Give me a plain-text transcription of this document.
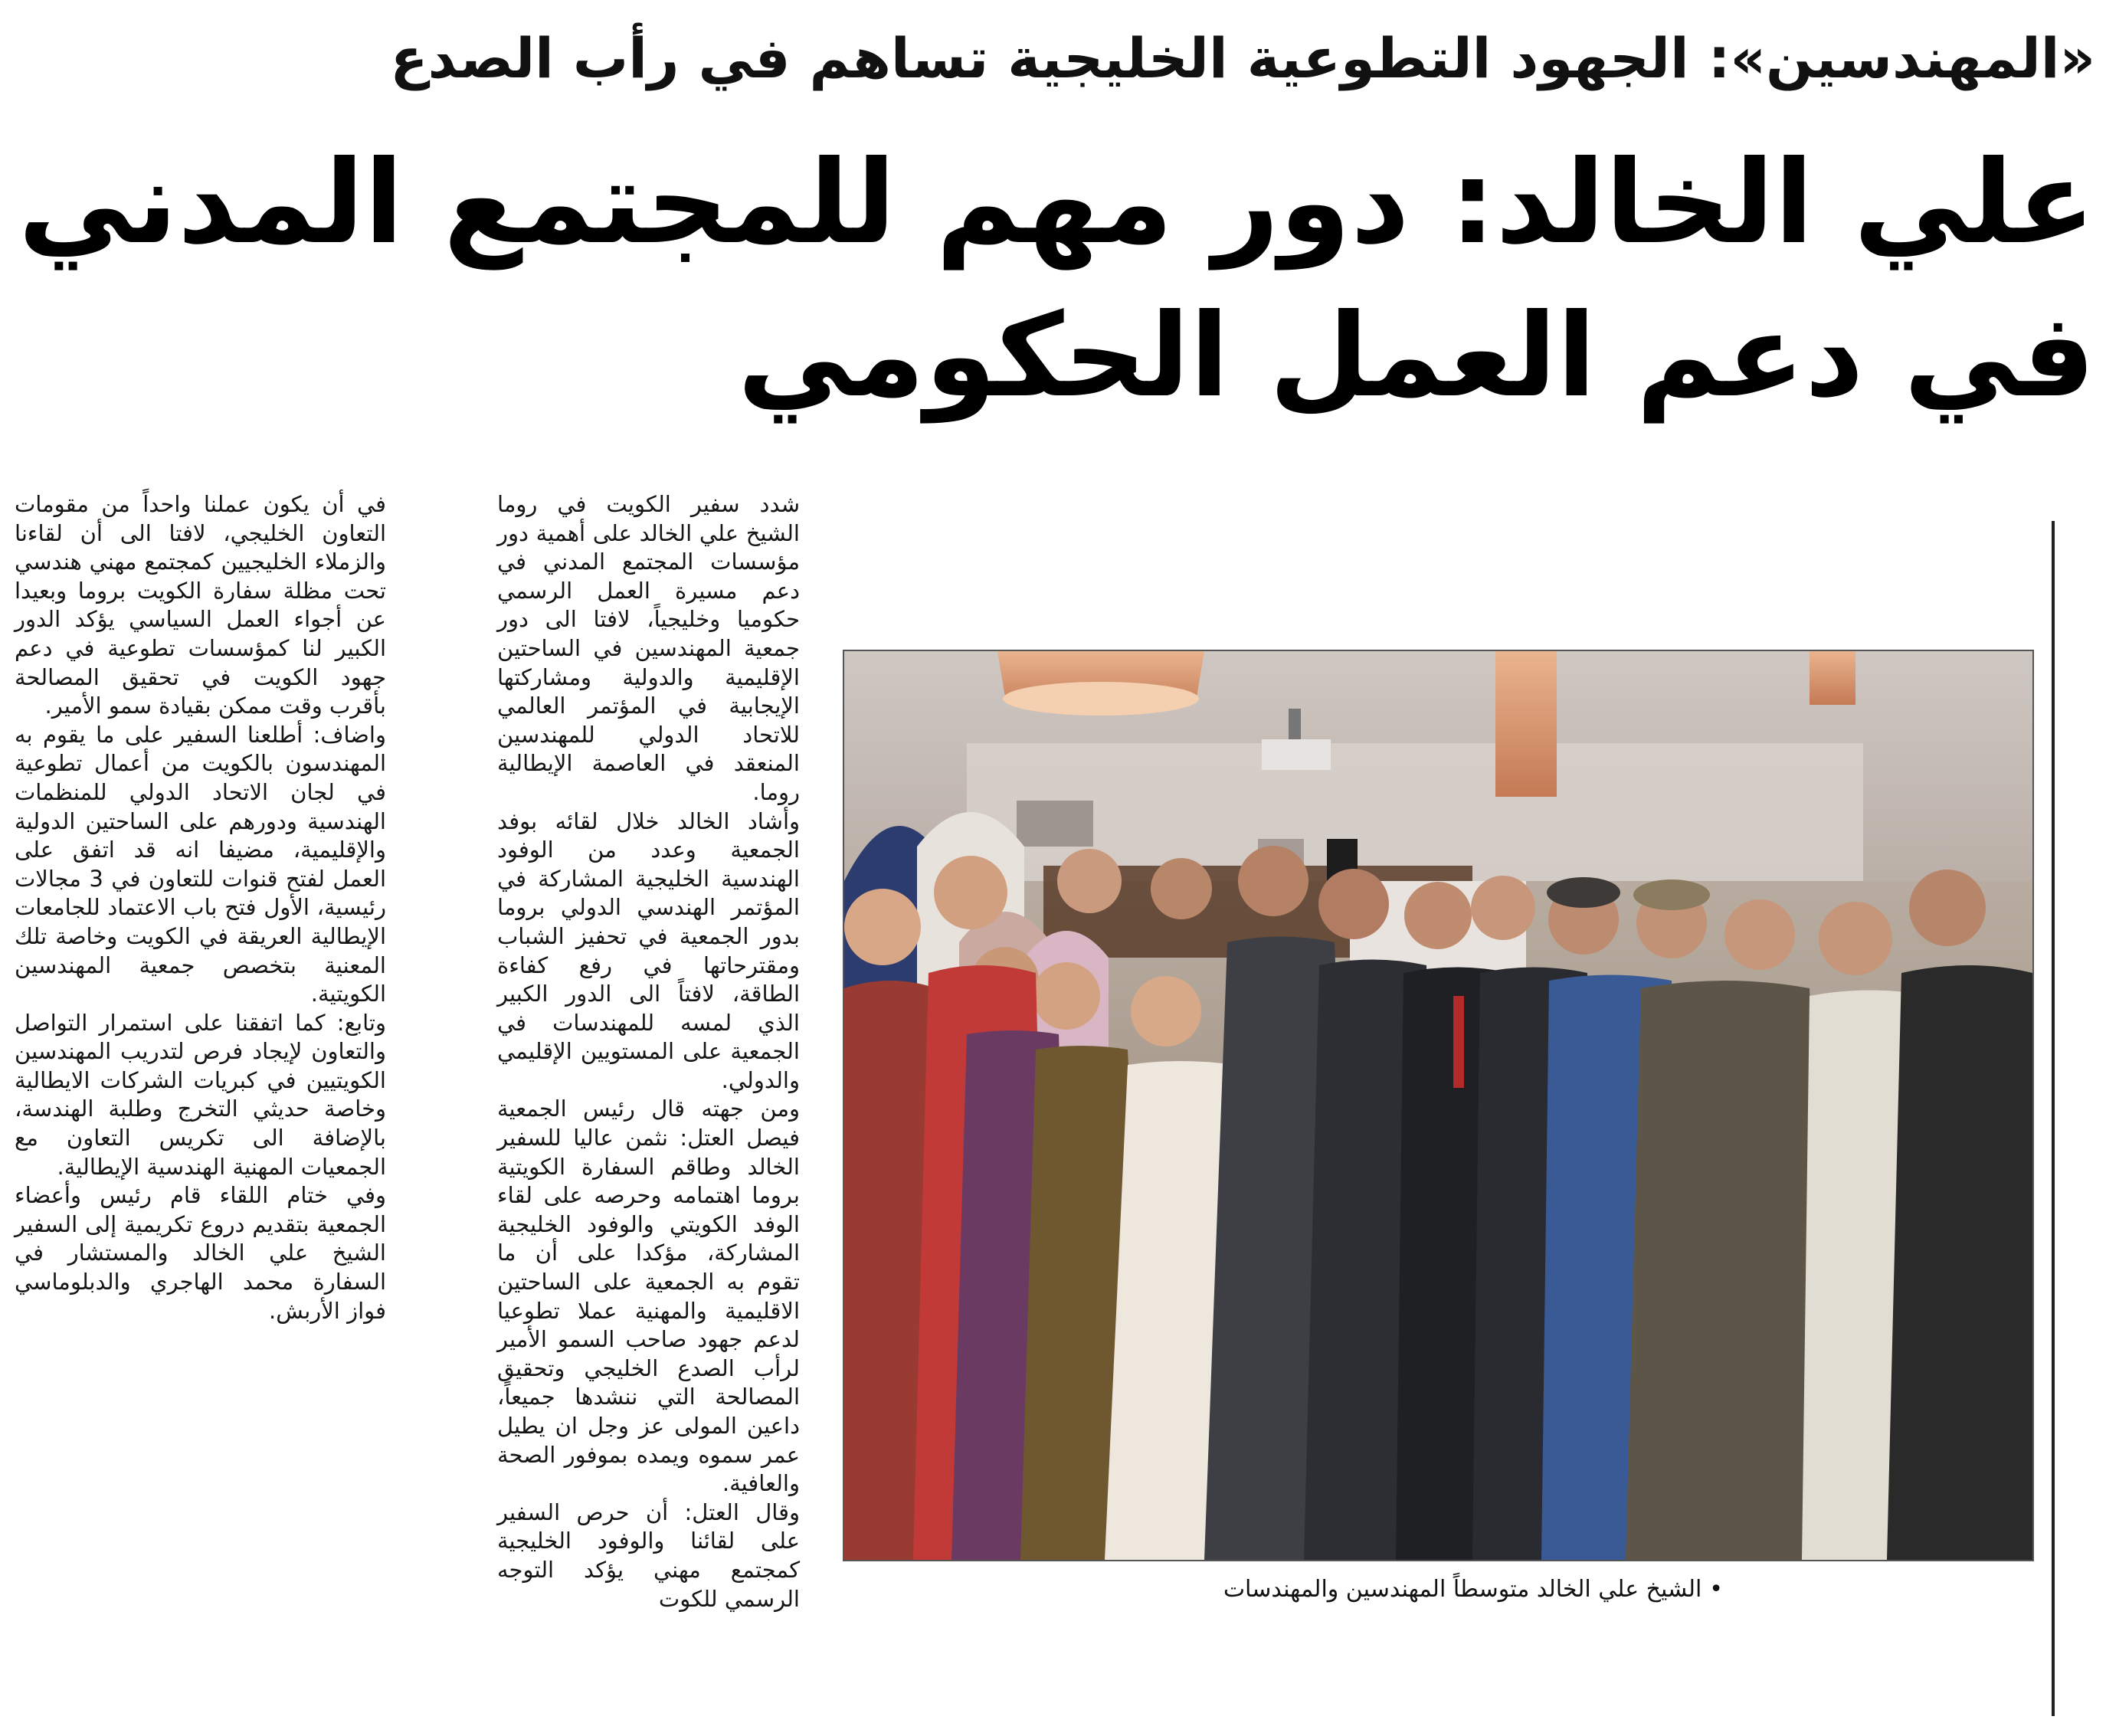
«المهندسين»: الجهود التطوعية الخليجية تساهم في رأب الصدع
علي الخالد: دور مهم للمجتمع المدني
في دعم العمل الحكومي

شدد سفير الكويت في روما الشيخ علي الخالد على أهمية دور مؤسسات المجتمع المدني في دعم مسيرة العمل الرسمي حكوميا وخليجياً، لافتا الى دور جمعية المهندسين في الساحتين الإقليمية والدولية ومشاركتها الإيجابية في المؤتمر العالمي للاتحاد الدولي للمهندسين المنعقد في العاصمة الإيطالية روما.

وأشاد الخالد خلال لقائه بوفد الجمعية وعدد من الوفود الهندسية الخليجية المشاركة في المؤتمر الهندسي الدولي بروما بدور الجمعية في تحفيز الشباب ومقترحاتها في رفع كفاءة الطاقة، لافتاً الى الدور الكبير الذي لمسه للمهندسات في الجمعية على المستويين الإقليمي والدولي.

ومن جهته قال رئيس الجمعية فيصل العتل: نثمن عاليا للسفير الخالد وطاقم السفارة الكويتية بروما اهتمامه وحرصه على لقاء الوفد الكويتي والوفود الخليجية المشاركة، مؤكدا على أن ما تقوم به الجمعية على الساحتين الاقليمية والمهنية عملا تطوعيا لدعم جهود صاحب السمو الأمير لرأب الصدع الخليجي وتحقيق المصالحة التي ننشدها جميعاً، داعين المولى عز وجل ان يطيل عمر سموه ويمده بموفور الصحة والعافية.

وقال العتل: أن حرص السفير على لقائنا والوفود الخليجية كمجتمع مهني يؤكد التوجه الرسمي للكوت

في أن يكون عملنا واحداً من مقومات التعاون الخليجي، لافتا الى أن لقاءنا والزملاء الخليجيين كمجتمع مهني هندسي تحت مظلة سفارة الكويت بروما وبعيدا عن أجواء العمل السياسي يؤكد الدور الكبير لنا كمؤسسات تطوعية في دعم جهود الكويت في تحقيق المصالحة بأقرب وقت ممكن بقيادة سمو الأمير.

واضاف: أطلعنا السفير على ما يقوم به المهندسون بالكويت من أعمال تطوعية في لجان الاتحاد الدولي للمنظمات الهندسية ودورهم على الساحتين الدولية والإقليمية، مضيفا انه قد اتفق على العمل لفتح قنوات للتعاون في 3 مجالات رئيسية، الأول فتح باب الاعتماد للجامعات الإيطالية العريقة في الكويت وخاصة تلك المعنية بتخصص جمعية المهندسين الكويتية.

وتابع: كما اتفقنا على استمرار التواصل والتعاون لإيجاد فرص لتدريب المهندسين الكويتيين في كبريات الشركات الايطالية وخاصة حديثي التخرج وطلبة الهندسة، بالإضافة الى تكريس التعاون مع الجمعيات المهنية الهندسية الإيطالية.

وفي ختام اللقاء قام رئيس وأعضاء الجمعية بتقديم دروع تكريمية إلى السفير الشيخ علي الخالد والمستشار في السفارة محمد الهاجري والدبلوماسي فواز الأربش.

•الشيخ علي الخالد متوسطاً المهندسين والمهندسات
